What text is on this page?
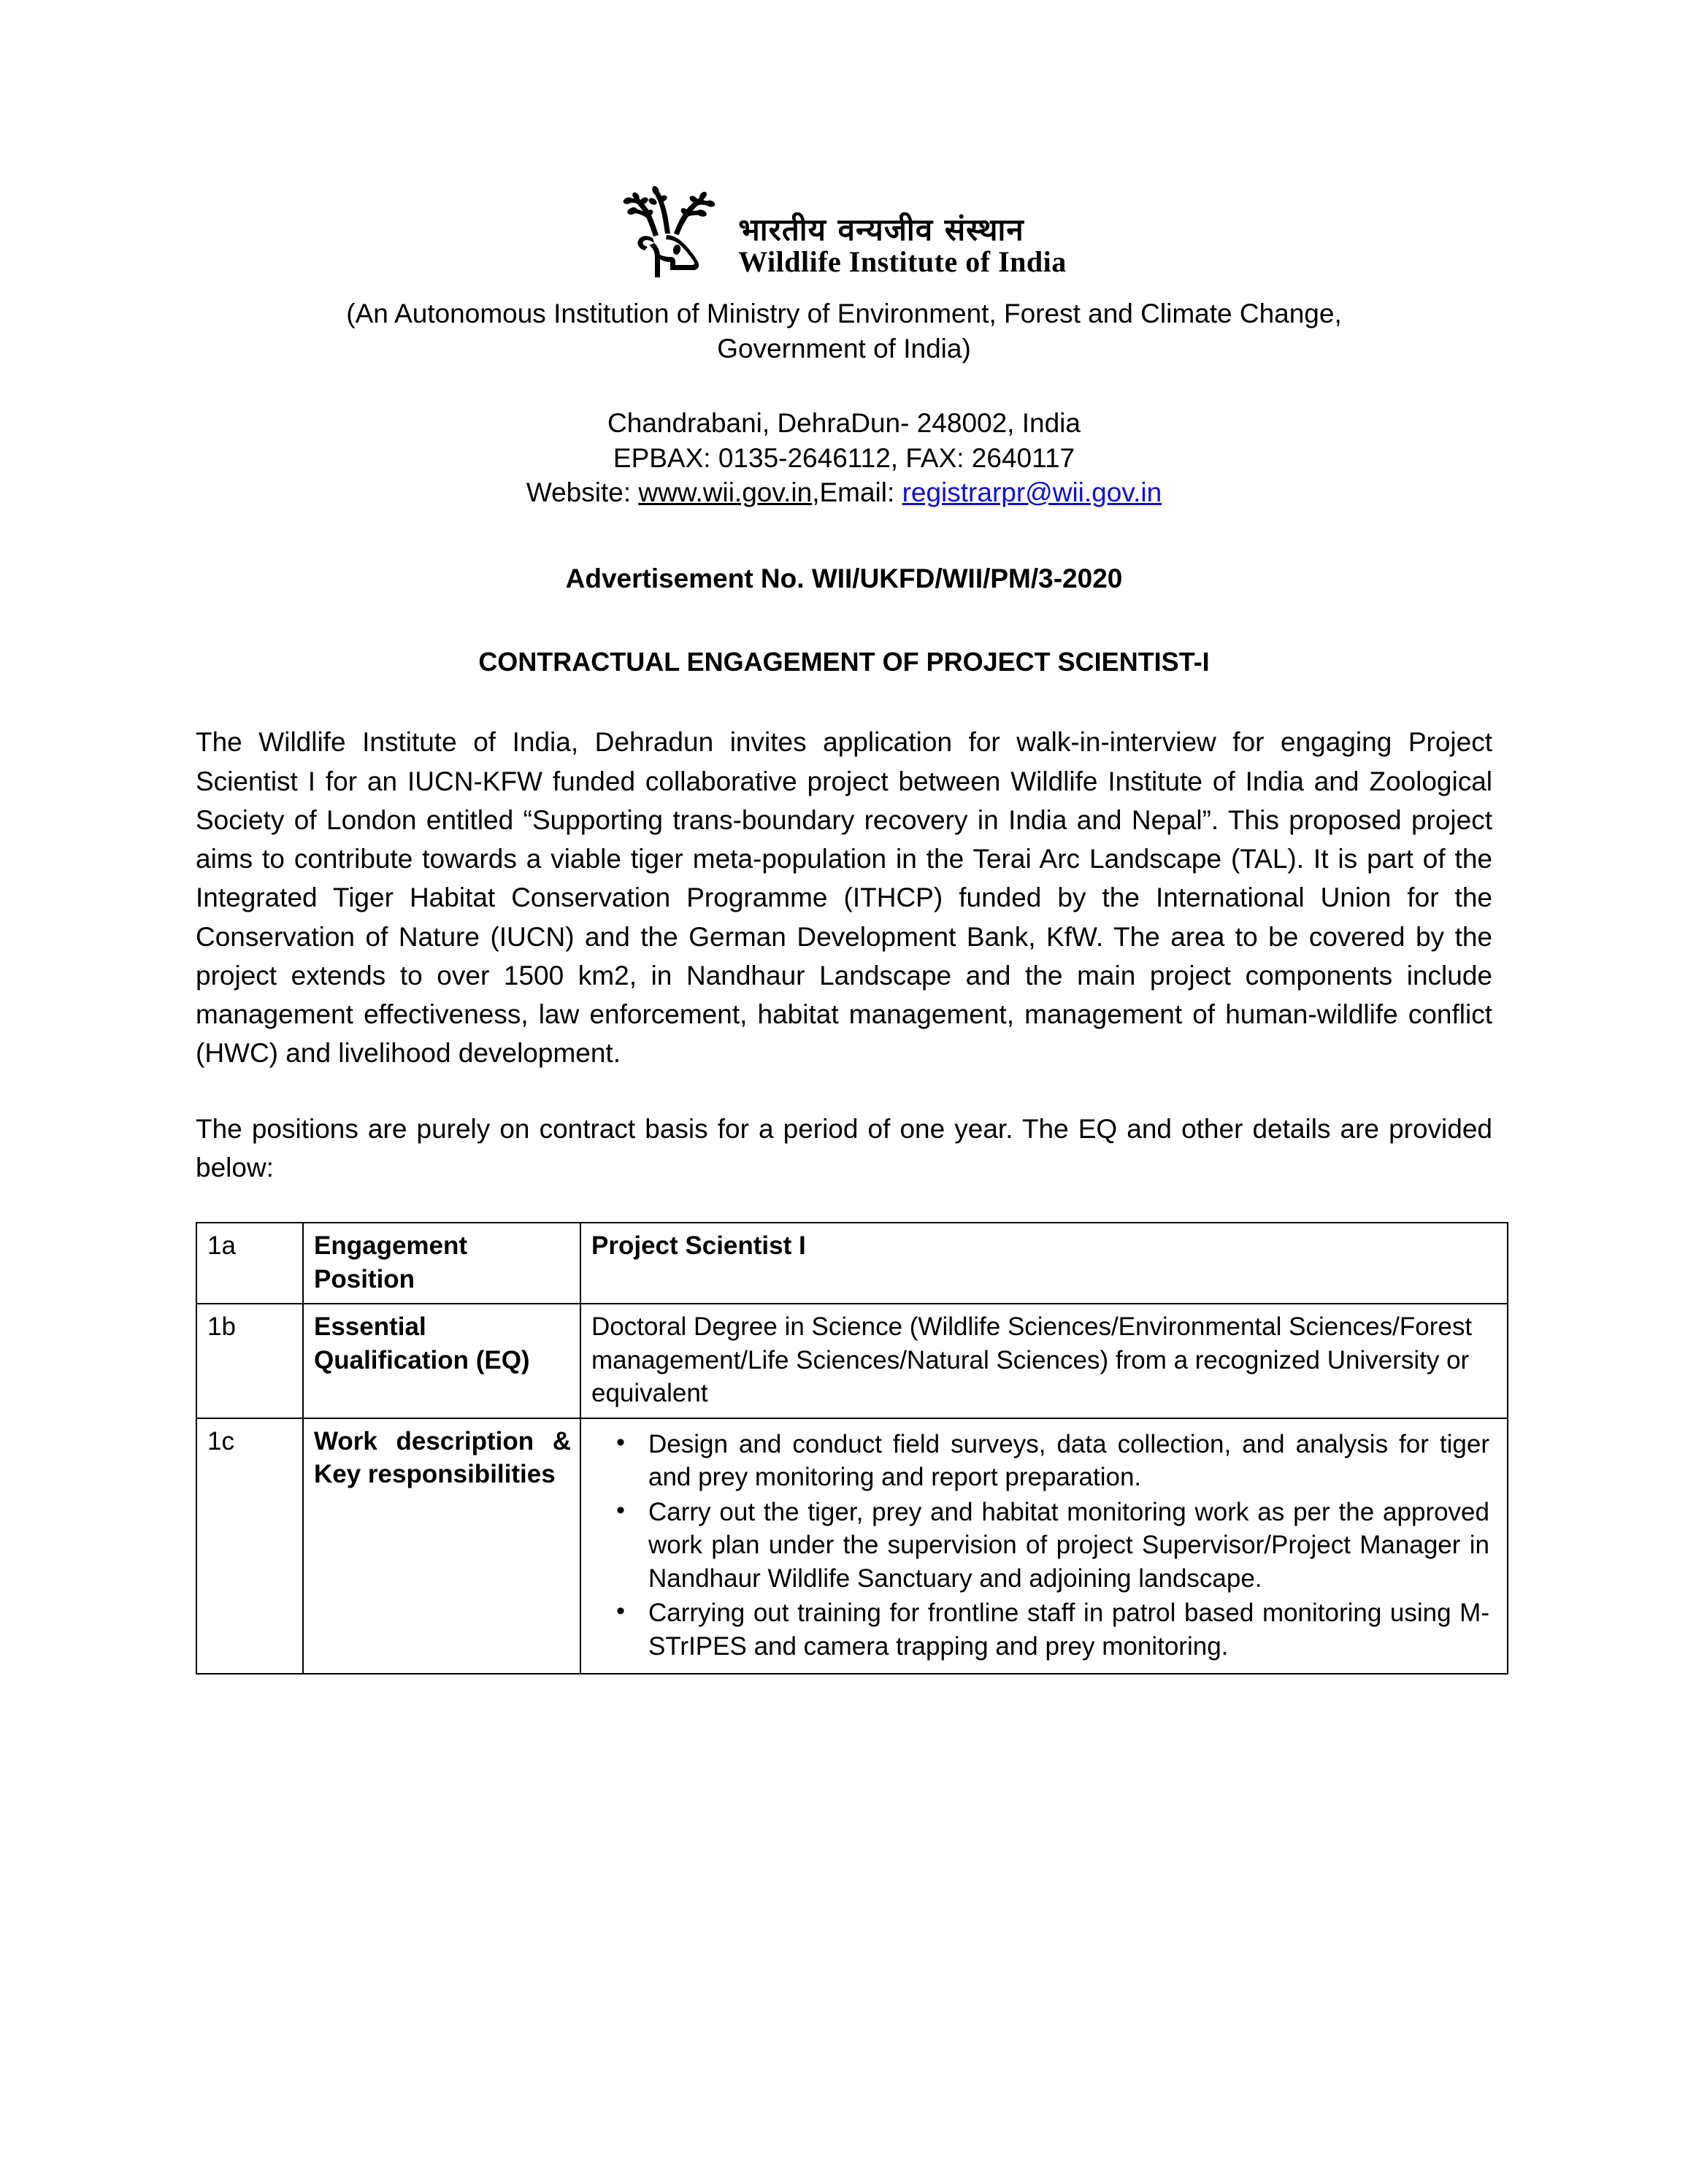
भारतीय वन्यजीव संस्थान
Wildlife Institute of India
(An Autonomous Institution of Ministry of Environment, Forest and Climate Change,
Government of India)
Chandrabani, DehraDun- 248002, India
EPBAX: 0135-2646112, FAX: 2640117
Website: www.wii.gov.in,Email: registrarpr@wii.gov.in
Advertisement No. WII/UKFD/WII/PM/3-2020
CONTRACTUAL ENGAGEMENT OF PROJECT SCIENTIST-I

The Wildlife Institute of India, Dehradun invites application for walk-in-interview for engaging Project Scientist I for an IUCN-KFW funded collaborative project between Wildlife Institute of India and Zoological Society of London entitled “Supporting trans-boundary recovery in India and Nepal”. This proposed project aims to contribute towards a viable tiger meta-population in the Terai Arc Landscape (TAL). It is part of the Integrated Tiger Habitat Conservation Programme (ITHCP) funded by the International Union for the Conservation of Nature (IUCN) and the German Development Bank, KfW. The area to be covered by the project extends to over 1500 km2, in Nandhaur Landscape and the main project components include management effectiveness, law enforcement, habitat management, management of human-wildlife conflict (HWC) and livelihood development.

The positions are purely on contract basis for a period of one year. The EQ and other details are provided below:

1a	Engagement Position	Project Scientist I
1b	Essential Qualification (EQ)	Doctoral Degree in Science (Wildlife Sciences/Environmental Sciences/Forest management/Life Sciences/Natural Sciences) from a recognized University or equivalent
1c	Work description &
Key responsibilities

• Design and conduct field surveys, data collection, and analysis for tiger and prey monitoring and report preparation.
• Carry out the tiger, prey and habitat monitoring work as per the approved work plan under the supervision of project Supervisor/Project Manager in Nandhaur Wildlife Sanctuary and adjoining landscape.
• Carrying out training for frontline staff in patrol based monitoring using M-STrIPES and camera trapping and prey monitoring.
